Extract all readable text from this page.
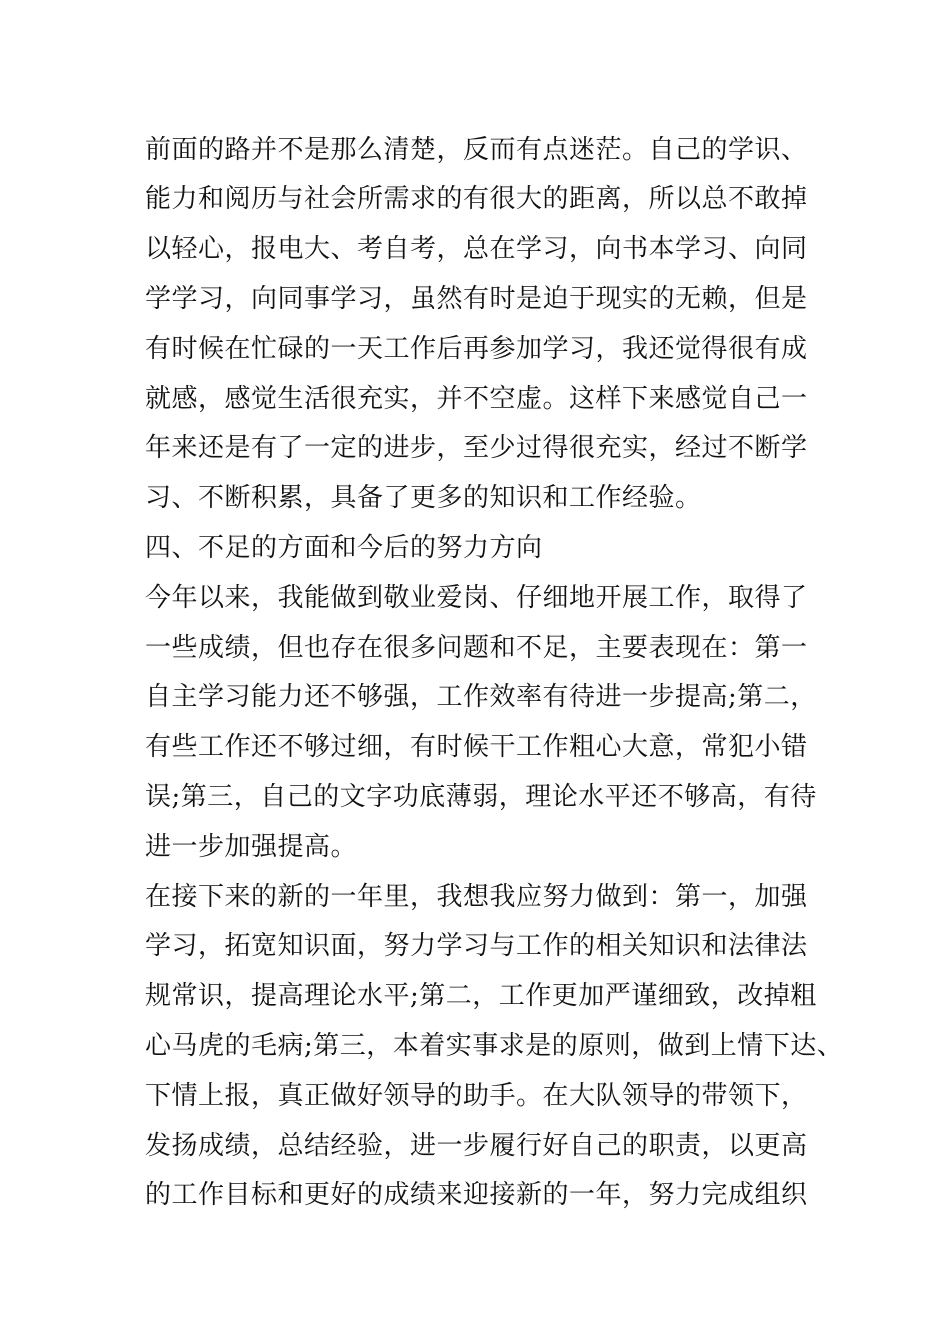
前面的路并不是那么清楚，反而有点迷茫。自己的学识、
能力和阅历与社会所需求的有很大的距离，所以总不敢掉
以轻心，报电大、考自考，总在学习，向书本学习、向同
学学习，向同事学习，虽然有时是迫于现实的无赖，但是
有时候在忙碌的一天工作后再参加学习，我还觉得很有成
就感，感觉生活很充实，并不空虚。这样下来感觉自己一
年来还是有了一定的进步，至少过得很充实，经过不断学
习、不断积累，具备了更多的知识和工作经验。
四、不足的方面和今后的努力方向
今年以来，我能做到敬业爱岗、仔细地开展工作，取得了
一些成绩，但也存在很多问题和不足，主要表现在：第一
自主学习能力还不够强，工作效率有待进一步提高;第二，
有些工作还不够过细，有时候干工作粗心大意，常犯小错
误;第三，自己的文字功底薄弱，理论水平还不够高，有待
进一步加强提高。
在接下来的新的一年里，我想我应努力做到：第一，加强
学习，拓宽知识面，努力学习与工作的相关知识和法律法
规常识，提高理论水平;第二，工作更加严谨细致，改掉粗
心马虎的毛病;第三，本着实事求是的原则，做到上情下达、
下情上报，真正做好领导的助手。在大队领导的带领下，
发扬成绩，总结经验，进一步履行好自己的职责，以更高
的工作目标和更好的成绩来迎接新的一年，努力完成组织
